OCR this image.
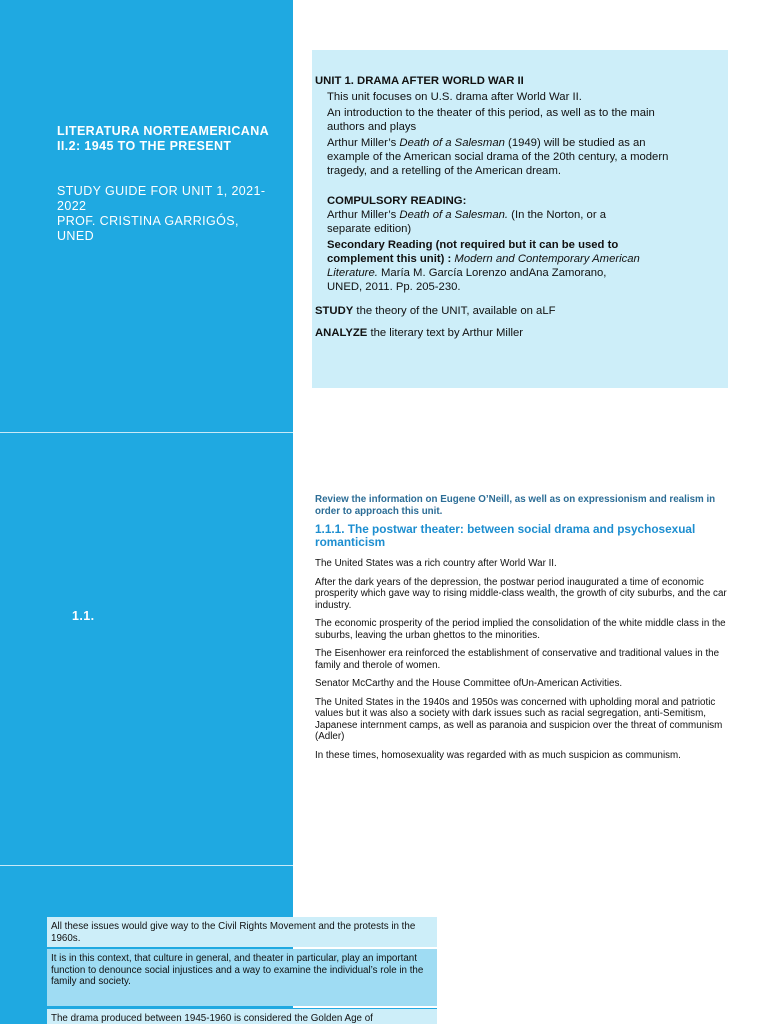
LITERATURA NORTEAMERICANA II.2: 1945 TO THE PRESENT
STUDY GUIDE FOR UNIT 1, 2021-2022
PROF. CRISTINA GARRIGÓS, UNED
UNIT 1. DRAMA AFTER WORLD WAR II

This unit focuses on U.S. drama after World War II.

An introduction to the theater of this period, as well as to the main authors and plays

Arthur Miller’s Death of a Salesman (1949) will be studied as an example of the American social drama of the 20th century, a modern tragedy, and a retelling of the American dream.

COMPULSORY READING:
Arthur Miller’s Death of a Salesman. (In the Norton, or a separate edition)
Secondary Reading (not required but it can be used to complement this unit) : Modern and Contemporary American Literature. María M. García Lorenzo andAna Zamorano, UNED, 2011. Pp. 205-230.
STUDY the theory of the UNIT, available on aLF
ANALYZE the literary text by Arthur Miller
1.1.

Review the information on Eugene O’Neill, as well as on expressionism and realism in order to approach this unit.

1.1.1. The postwar theater: between social drama and psychosexual romanticism

The United States was a rich country after World War II.

After the dark years of the depression, the postwar period inaugurated a time of economic prosperity which gave way to rising middle-class wealth, the growth of city suburbs, and the car industry.

The economic prosperity of the period implied the consolidation of the white middle class in the suburbs, leaving the urban ghettos to the minorities.

The Eisenhower era reinforced the establishment of conservative and traditional values in the family and therole of women.

Senator McCarthy and the House Committee ofUn-American Activities.

The United States in the 1940s and 1950s was concerned with upholding moral and patriotic values but it was also a society with dark issues such as racial segregation, anti-Semitism, Japanese internment camps, as well as paranoia and suspicion over the threat of communism (Adler)

In these times, homosexuality was regarded with as much suspicion as communism.

All these issues would give way to the Civil Rights Movement and the protests in the 1960s.
It is in this context, that culture in general, and theater in particular, play an important function to denounce social injustices and a way to examine the individual’s role in the family and society.
The drama produced between 1945-1960 is considered the Golden Age of
